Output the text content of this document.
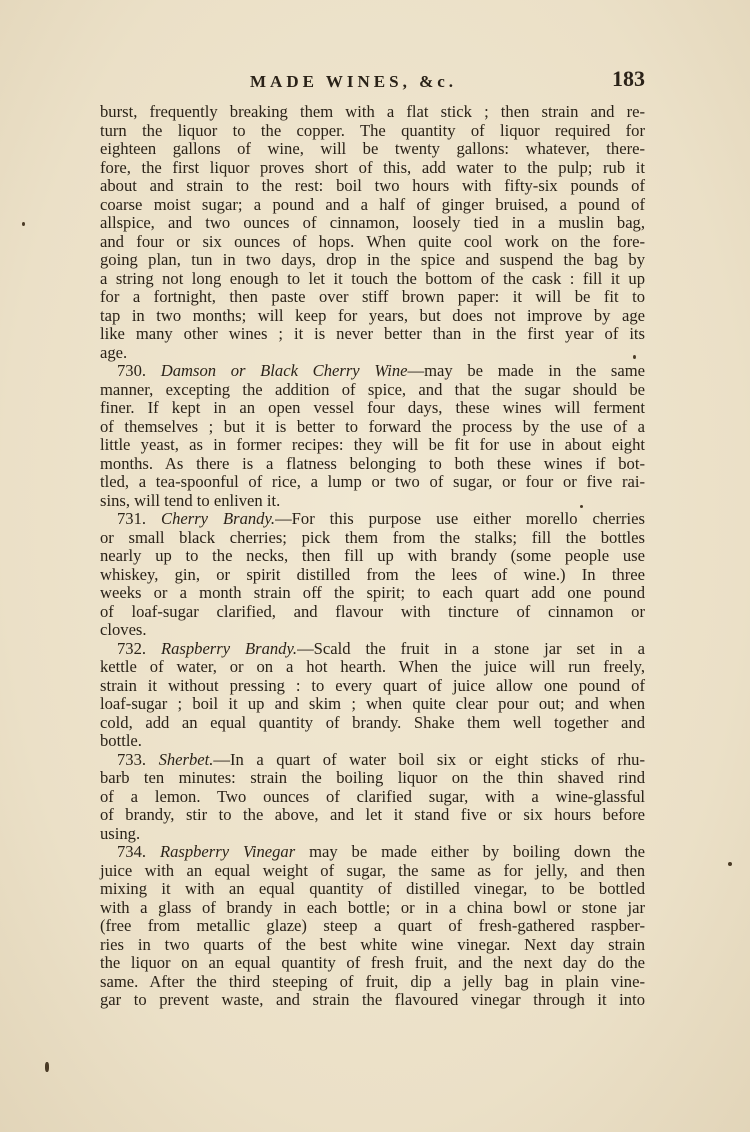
MADE WINES, &c.	183
burst, frequently breaking them with a flat stick ; then strain and re-
turn the liquor to the copper. The quantity of liquor required for
eighteen gallons of wine, will be twenty gallons: whatever, there-
fore, the first liquor proves short of this, add water to the pulp; rub it
about and strain to the rest: boil two hours with fifty-six pounds of
coarse moist sugar; a pound and a half of ginger bruised, a pound of
allspice, and two ounces of cinnamon, loosely tied in a muslin bag,
and four or six ounces of hops. When quite cool work on the fore-
going plan, tun in two days, drop in the spice and suspend the bag by
a string not long enough to let it touch the bottom of the cask : fill it up
for a fortnight, then paste over stiff brown paper: it will be fit to
tap in two months; will keep for years, but does not improve by age
like many other wines ; it is never better than in the first year of its
age.
730. Damson or Black Cherry Wine—may be made in the same
manner, excepting the addition of spice, and that the sugar should be
finer. If kept in an open vessel four days, these wines will ferment
of themselves ; but it is better to forward the process by the use of a
little yeast, as in former recipes: they will be fit for use in about eight
months. As there is a flatness belonging to both these wines if bot-
tled, a tea-spoonful of rice, a lump or two of sugar, or four or five rai-
sins, will tend to enliven it.
731. Cherry Brandy.—For this purpose use either morello cherries
or small black cherries; pick them from the stalks; fill the bottles
nearly up to the necks, then fill up with brandy (some people use
whiskey, gin, or spirit distilled from the lees of wine.) In three
weeks or a month strain off the spirit; to each quart add one pound
of loaf-sugar clarified, and flavour with tincture of cinnamon or
cloves.
732. Raspberry Brandy.—Scald the fruit in a stone jar set in a
kettle of water, or on a hot hearth. When the juice will run freely,
strain it without pressing : to every quart of juice allow one pound of
loaf-sugar ; boil it up and skim ; when quite clear pour out; and when
cold, add an equal quantity of brandy. Shake them well together and
bottle.
733. Sherbet.—In a quart of water boil six or eight sticks of rhu-
barb ten minutes: strain the boiling liquor on the thin shaved rind
of a lemon. Two ounces of clarified sugar, with a wine-glassful
of brandy, stir to the above, and let it stand five or six hours before
using.
734. Raspberry Vinegar may be made either by boiling down the
juice with an equal weight of sugar, the same as for jelly, and then
mixing it with an equal quantity of distilled vinegar, to be bottled
with a glass of brandy in each bottle; or in a china bowl or stone jar
(free from metallic glaze) steep a quart of fresh-gathered raspber-
ries in two quarts of the best white wine vinegar. Next day strain
the liquor on an equal quantity of fresh fruit, and the next day do the
same. After the third steeping of fruit, dip a jelly bag in plain vine-
gar to prevent waste, and strain the flavoured vinegar through it into
